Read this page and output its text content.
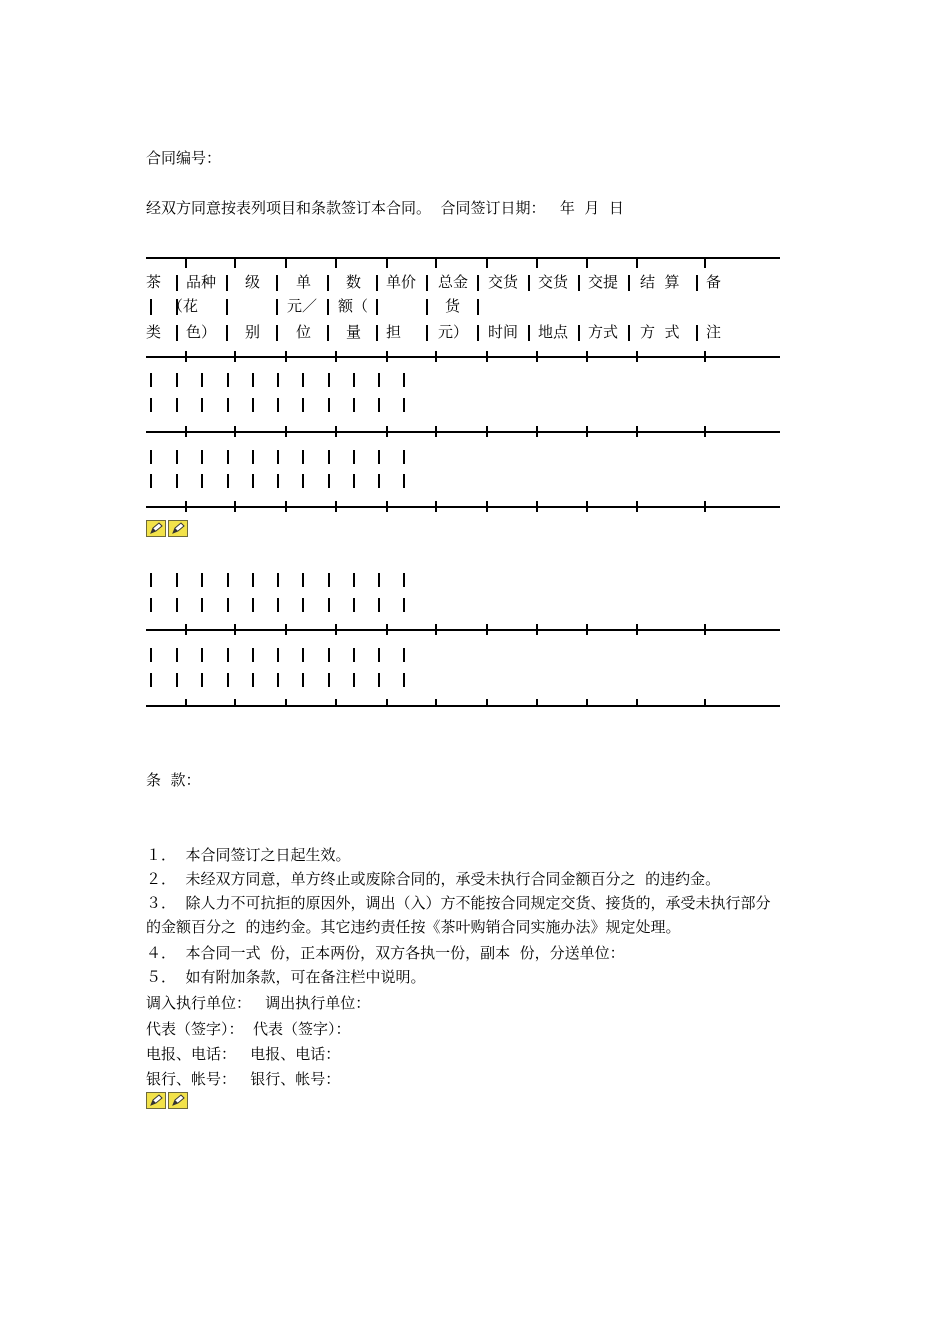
合同编号：
经双方同意按表列项目和条款签订本合同。  合同签订日期：   年  月  日
茶
类
品种
（花
色）
级
别
单
元／
位
数
额（
量
单价
担
总金
货
元）
交货
时间
交货
地点
交提
方式
结  算
方  式
备
注
条  款：
１．  本合同签订之日起生效。
２．  未经双方同意，单方终止或废除合同的，承受未执行合同金额百分之  的违约金。
３．  除人力不可抗拒的原因外，调出（入）方不能按合同规定交货、接货的，承受未执行部分
的金额百分之  的违约金。其它违约责任按《茶叶购销合同实施办法》规定处理。
４．  本合同一式  份，正本两份，双方各执一份，副本  份，分送单位：
５．  如有附加条款，可在备注栏中说明。
调入执行单位：   调出执行单位：
代表（签字）：  代表（签字）：
电报、电话：   电报、电话：
银行、帐号：   银行、帐号：
